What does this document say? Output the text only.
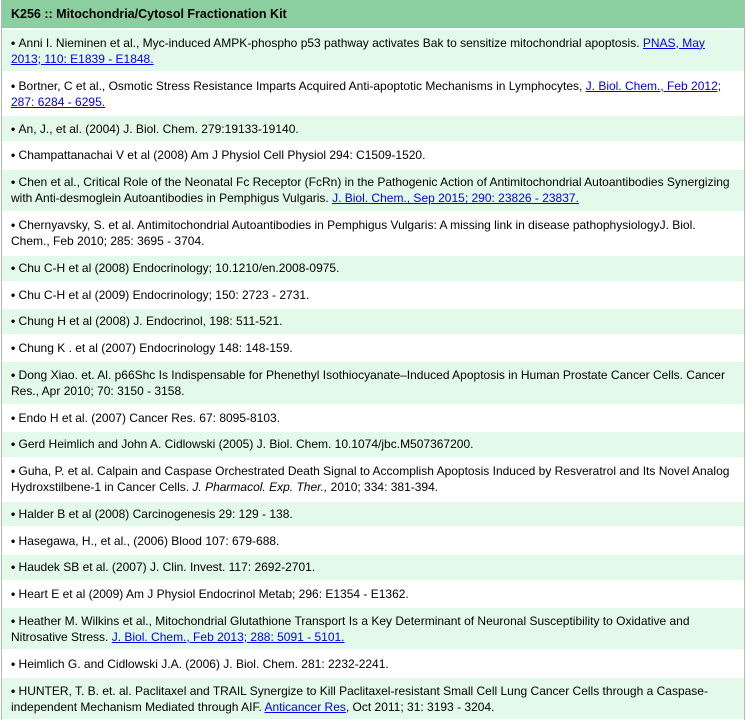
K256 :: Mitochondria/Cytosol Fractionation Kit
• Anni I. Nieminen et al., Myc-induced AMPK-phospho p53 pathway activates Bak to sensitize mitochondrial apoptosis. PNAS, May 2013; 110: E1839 - E1848.
• Bortner, C et al., Osmotic Stress Resistance Imparts Acquired Anti-apoptotic Mechanisms in Lymphocytes, J. Biol. Chem., Feb 2012; 287: 6284 - 6295.
• An, J., et al. (2004) J. Biol. Chem. 279:19133-19140.
• Champattanachai V et al (2008) Am J Physiol Cell Physiol 294: C1509-1520.
• Chen et al., Critical Role of the Neonatal Fc Receptor (FcRn) in the Pathogenic Action of Antimitochondrial Autoantibodies Synergizing with Anti-desmoglein Autoantibodies in Pemphigus Vulgaris. J. Biol. Chem., Sep 2015; 290: 23826 - 23837.
• Chernyavsky, S. et al. Antimitochondrial Autoantibodies in Pemphigus Vulgaris: A missing link in disease pathophysiologyJ. Biol. Chem., Feb 2010; 285: 3695 - 3704.
• Chu C-H et al (2008) Endocrinology; 10.1210/en.2008-0975.
• Chu C-H et al (2009) Endocrinology; 150: 2723 - 2731.
• Chung H et al (2008) J. Endocrinol, 198: 511-521.
• Chung K . et al (2007) Endocrinology 148: 148-159.
• Dong Xiao. et. Al. p66Shc Is Indispensable for Phenethyl Isothiocyanate–Induced Apoptosis in Human Prostate Cancer Cells. Cancer Res., Apr 2010; 70: 3150 - 3158.
• Endo H et al. (2007) Cancer Res. 67: 8095-8103.
• Gerd Heimlich and John A. Cidlowski (2005) J. Biol. Chem. 10.1074/jbc.M507367200.
• Guha, P. et al. Calpain and Caspase Orchestrated Death Signal to Accomplish Apoptosis Induced by Resveratrol and Its Novel Analog Hydroxstilbene-1 in Cancer Cells. J. Pharmacol. Exp. Ther., 2010; 334: 381-394.
• Halder B et al (2008) Carcinogenesis 29: 129 - 138.
• Hasegawa, H., et al., (2006) Blood 107: 679-688.
• Haudek SB et al. (2007) J. Clin. Invest. 117: 2692-2701.
• Heart E et al (2009) Am J Physiol Endocrinol Metab; 296: E1354 - E1362.
• Heather M. Wilkins et al., Mitochondrial Glutathione Transport Is a Key Determinant of Neuronal Susceptibility to Oxidative and Nitrosative Stress. J. Biol. Chem., Feb 2013; 288: 5091 - 5101.
• Heimlich G. and Cidlowski J.A. (2006) J. Biol. Chem. 281: 2232-2241.
• HUNTER, T. B. et. al. Paclitaxel and TRAIL Synergize to Kill Paclitaxel-resistant Small Cell Lung Cancer Cells through a Caspase-independent Mechanism Mediated through AIF. Anticancer Res, Oct 2011; 31: 3193 - 3204.
